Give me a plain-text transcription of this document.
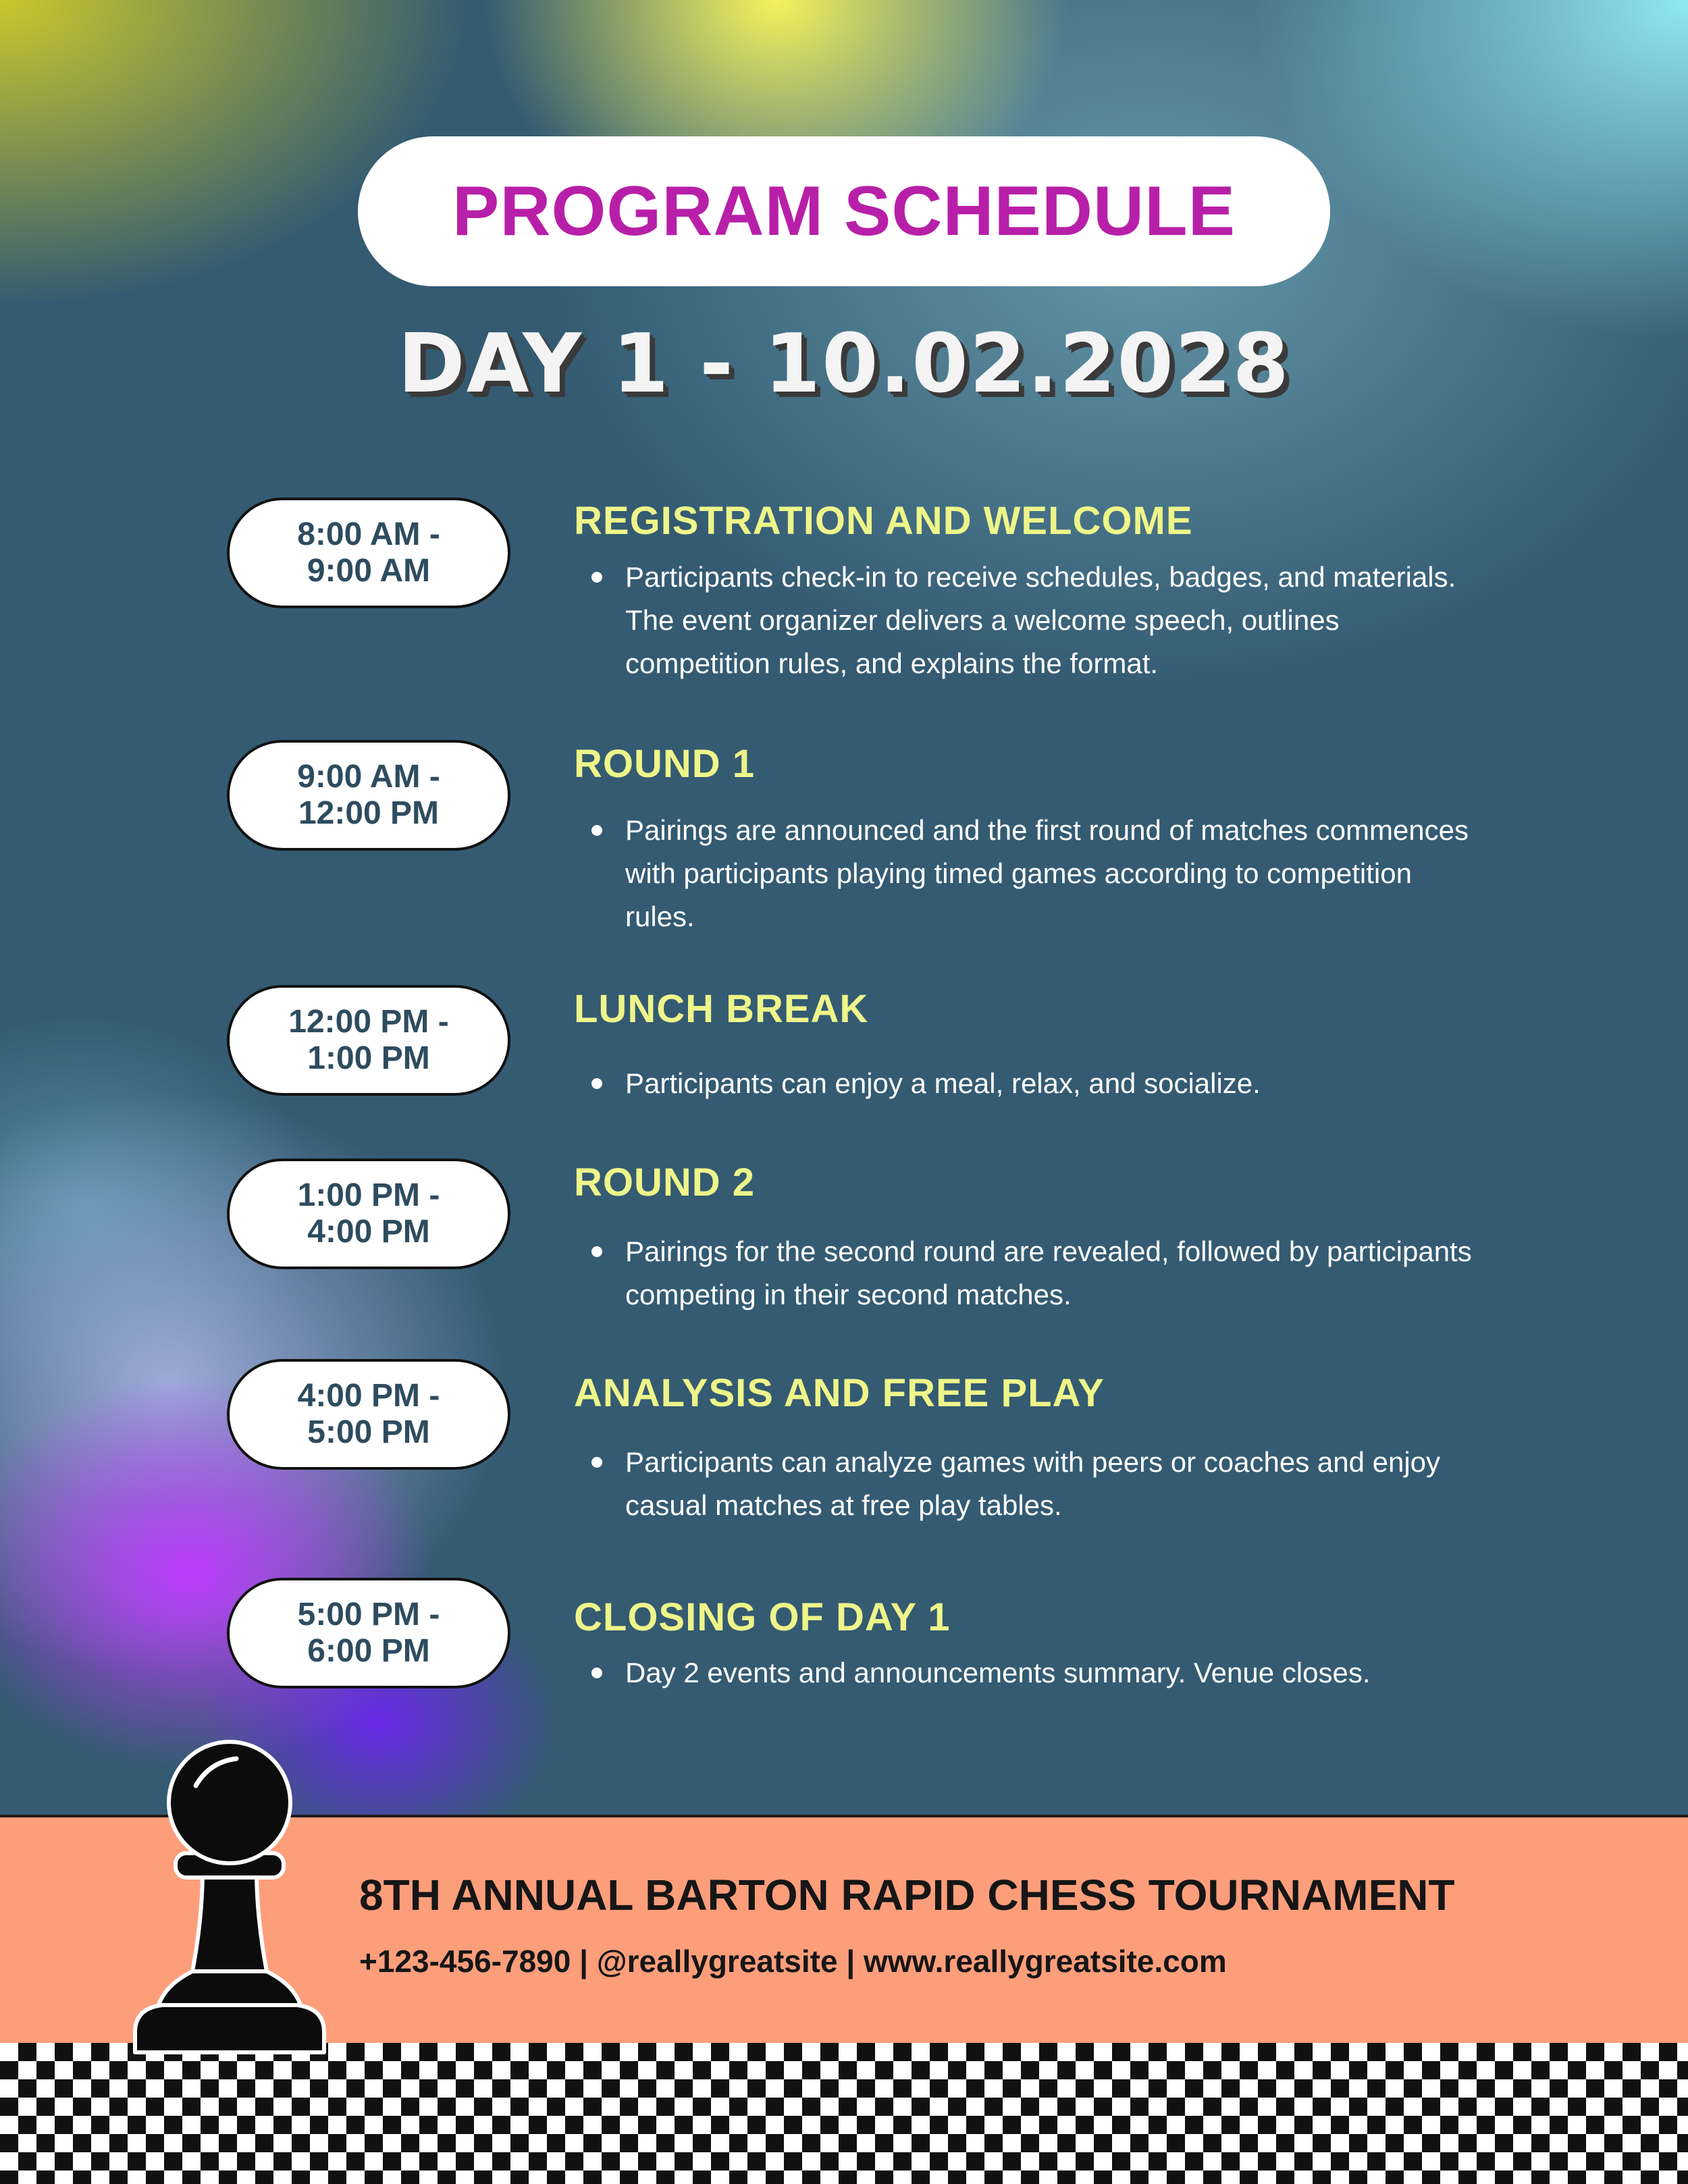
PROGRAM SCHEDULE
DAY 1 - 10.02.2028
8:00 AM -
9:00 AM
REGISTRATION AND WELCOME
Participants check-in to receive schedules, badges, and materials. The event organizer delivers a welcome speech, outlines competition rules, and explains the format.
9:00 AM -
12:00 PM
ROUND 1
Pairings are announced and the first round of matches commences with participants playing timed games according to competition rules.
12:00 PM -
1:00 PM
LUNCH BREAK
Participants can enjoy a meal, relax, and socialize.
1:00 PM -
4:00 PM
ROUND 2
Pairings for the second round are revealed, followed by participants competing in their second matches.
4:00 PM -
5:00 PM
ANALYSIS AND FREE PLAY
Participants can analyze games with peers or coaches and enjoy casual matches at free play tables.
5:00 PM -
6:00 PM
CLOSING OF DAY 1
Day 2 events and announcements summary. Venue closes.
8TH ANNUAL BARTON RAPID CHESS TOURNAMENT
+123-456-7890 | @reallygreatsite | www.reallygreatsite.com
